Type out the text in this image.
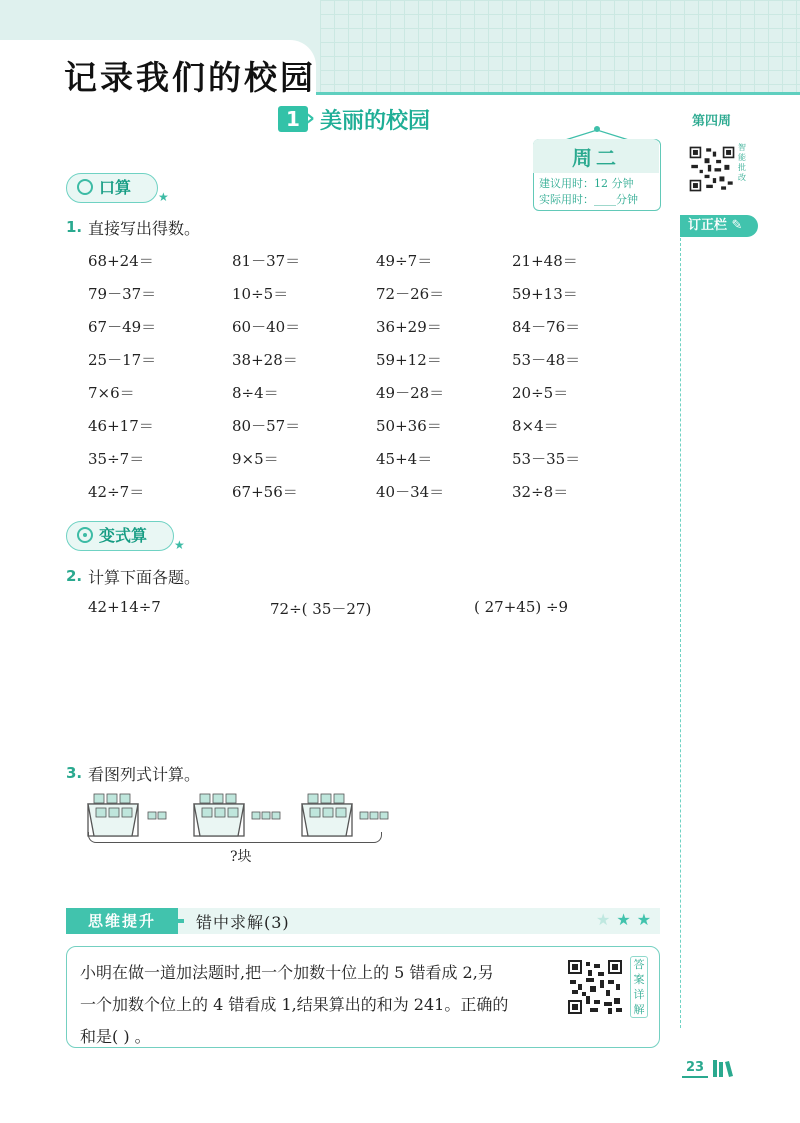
记录我们的校园
1 › 美丽的校园
周二
建议用时：12 分钟
实际用时：____分钟
口算	★
1. 直接写出得数。
68+24＝	81－37＝	49÷7＝	21+48＝
79－37＝	10÷5＝	72－26＝	59+13＝
67－49＝	60－40＝	36+29＝	84－76＝
25－17＝	38+28＝	59+12＝	53－48＝
7×6＝	8÷4＝	49－28＝	20÷5＝
46+17＝	80－57＝	50+36＝	8×4＝
35÷7＝	9×5＝	45+4＝	53－35＝
42÷7＝	67+56＝	40－34＝	32÷8＝
变式算	★
2. 计算下面各题。
42+14÷7	72÷( 35－27)	( 27+45) ÷9
3. 看图列式计算。
?块
思维提升	错中求解(3)	★★★
小明在做一道加法题时,把一个加数十位上的 5 错看成 2,另
一个加数个位上的 4 错看成 1,结果算出的和为 241。正确的
和是( ) 。
答案详解
第四周
智能批改
订正栏 ✎
23
